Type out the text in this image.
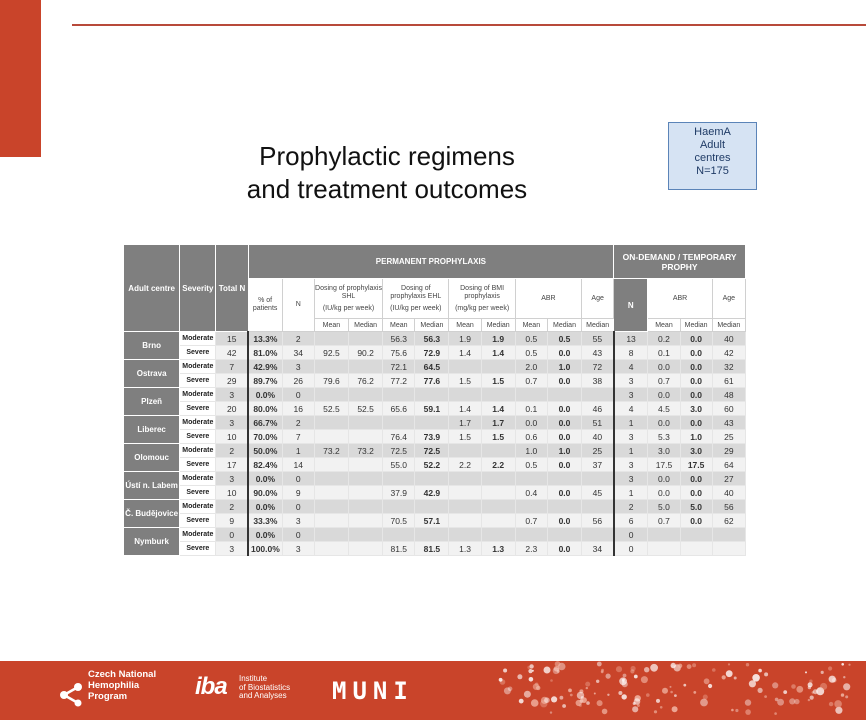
Prophylactic regimens
and treatment outcomes
HaemA
Adult
centres
N=175
Adult centre	Severity	Total N	PERMANENT PROPHYLAXIS											ON-DEMAND / TEMPORARY PROPHY			
			% of patients	N	Dosing of prophylaxis SHL
(IU/kg per week)		Dosing of prophylaxis EHL
(IU/kg per week)		Dosing of BMI prophylaxis
(mg/kg per week)		ABR		Age	N	ABR		Age
					Mean	Median	Mean	Median	Mean	Median	Mean	Median	Median		Mean	Median	Median
Brno	Moderate	15	13.3%	2			56.3	56.3	1.9	1.9	0.5	0.5	55	13	0.2	0.0	40
	Severe	42	81.0%	34	92.5	90.2	75.6	72.9	1.4	1.4	0.5	0.0	43	8	0.1	0.0	42
Ostrava	Moderate	7	42.9%	3			72.1	64.5			2.0	1.0	72	4	0.0	0.0	32
	Severe	29	89.7%	26	79.6	76.2	77.2	77.6	1.5	1.5	0.7	0.0	38	3	0.7	0.0	61
Plzeň	Moderate	3	0.0%	0										3	0.0	0.0	48
	Severe	20	80.0%	16	52.5	52.5	65.6	59.1	1.4	1.4	0.1	0.0	46	4	4.5	3.0	60
Liberec	Moderate	3	66.7%	2					1.7	1.7	0.0	0.0	51	1	0.0	0.0	43
	Severe	10	70.0%	7			76.4	73.9	1.5	1.5	0.6	0.0	40	3	5.3	1.0	25
Olomouc	Moderate	2	50.0%	1	73.2	73.2	72.5	72.5			1.0	1.0	25	1	3.0	3.0	29
	Severe	17	82.4%	14			55.0	52.2	2.2	2.2	0.5	0.0	37	3	17.5	17.5	64
Ústí n. Labem	Moderate	3	0.0%	0										3	0.0	0.0	27
	Severe	10	90.0%	9			37.9	42.9			0.4	0.0	45	1	0.0	0.0	40
Č. Budějovice	Moderate	2	0.0%	0										2	5.0	5.0	56
	Severe	9	33.3%	3			70.5	57.1			0.7	0.0	56	6	0.7	0.0	62
Nymburk	Moderate	0	0.0%	0										0			
	Severe	3	100.0%	3			81.5	81.5	1.3	1.3	2.3	0.0	34	0			
Czech National
Hemophilia
Program	iba Institute
of Biostatistics
and Analyses	MUNI
